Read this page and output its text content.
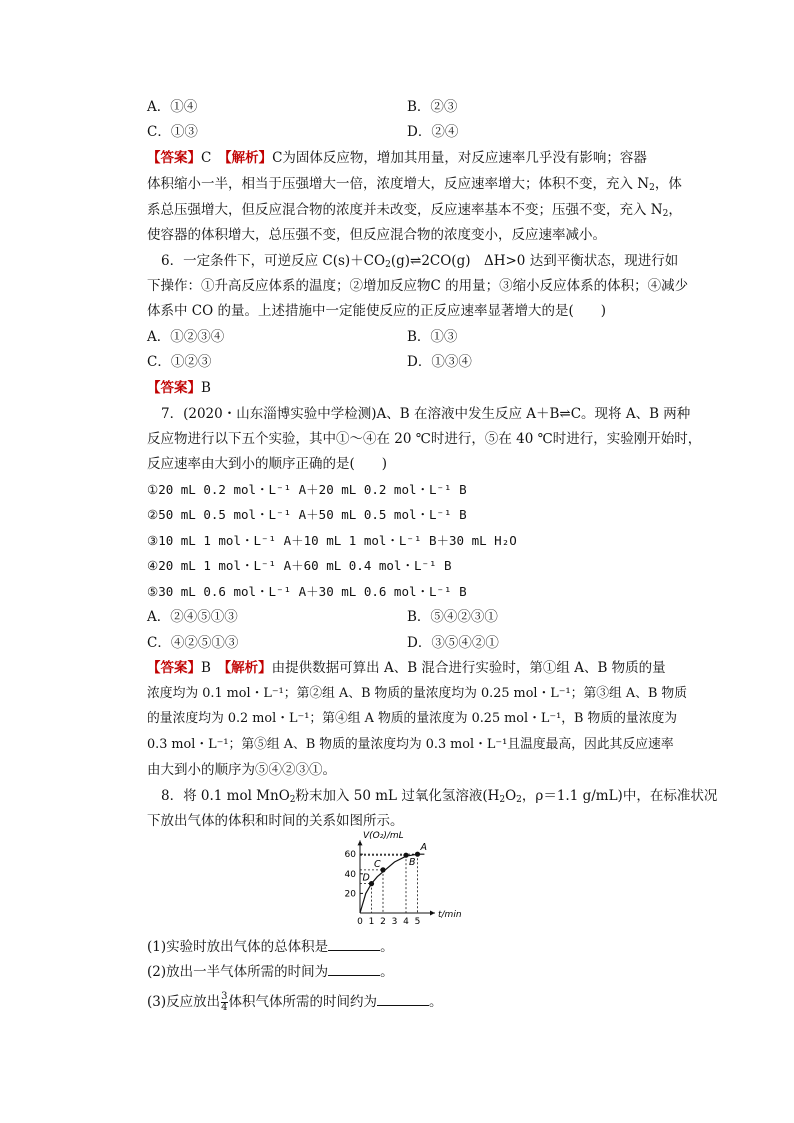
A．①④	B．②③
C．①③	D．②④
【答案】C　 【解析】C为固体反应物，增加其用量，对反应速率几乎没有影响；容器
体积缩小一半，相当于压强增大一倍，浓度增大，反应速率增大；体积不变，充入 $N_2$，体
系总压强增大，但反应混合物的浓度并未改变，反应速率基本不变；压强不变，充入 $N_2$，
使容器的体积增大，总压强不变，但反应混合物的浓度变小，反应速率减小。
6．一定条件下，可逆反应 $C(s)+CO_2(g)\rightleftharpoons 2CO(g)$　ΔH>0 达到平衡状态，现进行如
下操作：①升高反应体系的温度；②增加反应物C 的用量；③缩小反应体系的体积；④减少
体系中 CO 的量。上述措施中一定能使反应的正反应速率显著增大的是(　　)
A．①②③④	B．①③
C．①②③	D．①③④
【答案】B
7．(2020・山东淄博实验中学检测)A、B 在溶液中发生反应 A＋B⇌C。现将 A、B 两种
反应物进行以下五个实验，其中①～④在 20 ℃时进行，⑤在 40 ℃时进行，实验刚开始时，
反应速率由大到小的顺序正确的是(　　)
①20 mL 0.2 mol・L⁻¹ A＋20 mL 0.2 mol・L⁻¹ B
②50 mL 0.5 mol・L⁻¹ A＋50 mL 0.5 mol・L⁻¹ B
③10 mL 1 mol・L⁻¹ A＋10 mL 1 mol・L⁻¹ B＋30 mL H₂O
④20 mL 1 mol・L⁻¹ A＋60 mL 0.4 mol・L⁻¹ B
⑤30 mL 0.6 mol・L⁻¹ A＋30 mL 0.6 mol・L⁻¹ B
A．②④⑤①③	B．⑤④②③①
C．④②⑤①③	D．③⑤④②①
【答案】B　 【解析】由提供数据可算出 A、B 混合进行实验时，第①组 A、B 物质的量
浓度均为 0.1 mol・L⁻¹；第②组 A、B 物质的量浓度均为 0.25 mol・L⁻¹；第③组 A、B 物质
的量浓度均为 0.2 mol・L⁻¹；第④组 A 物质的量浓度为 0.25 mol・L⁻¹，B 物质的量浓度为
0.3 mol・L⁻¹；第⑤组 A、B 物质的量浓度均为 0.3 mol・L⁻¹且温度最高，因此其反应速率
由大到小的顺序为⑤④②③①。
8．将 0.1 mol MnO$_2$粉末加入 50 mL 过氧化氢溶液($H_2O_2$，ρ＝1.1 g/mL)中，在标准状况
下放出气体的体积和时间的关系如图所示。
V(O₂)/mL
t/min
0 1 2 3 4 5
20
40
60
D
C	B
A
(1)实验时放出气体的总体积是	。
(2)放出一半气体所需的时间为	。
(3)反应放出 $\frac{3}{4}$ 体积气体所需的时间约为	。
